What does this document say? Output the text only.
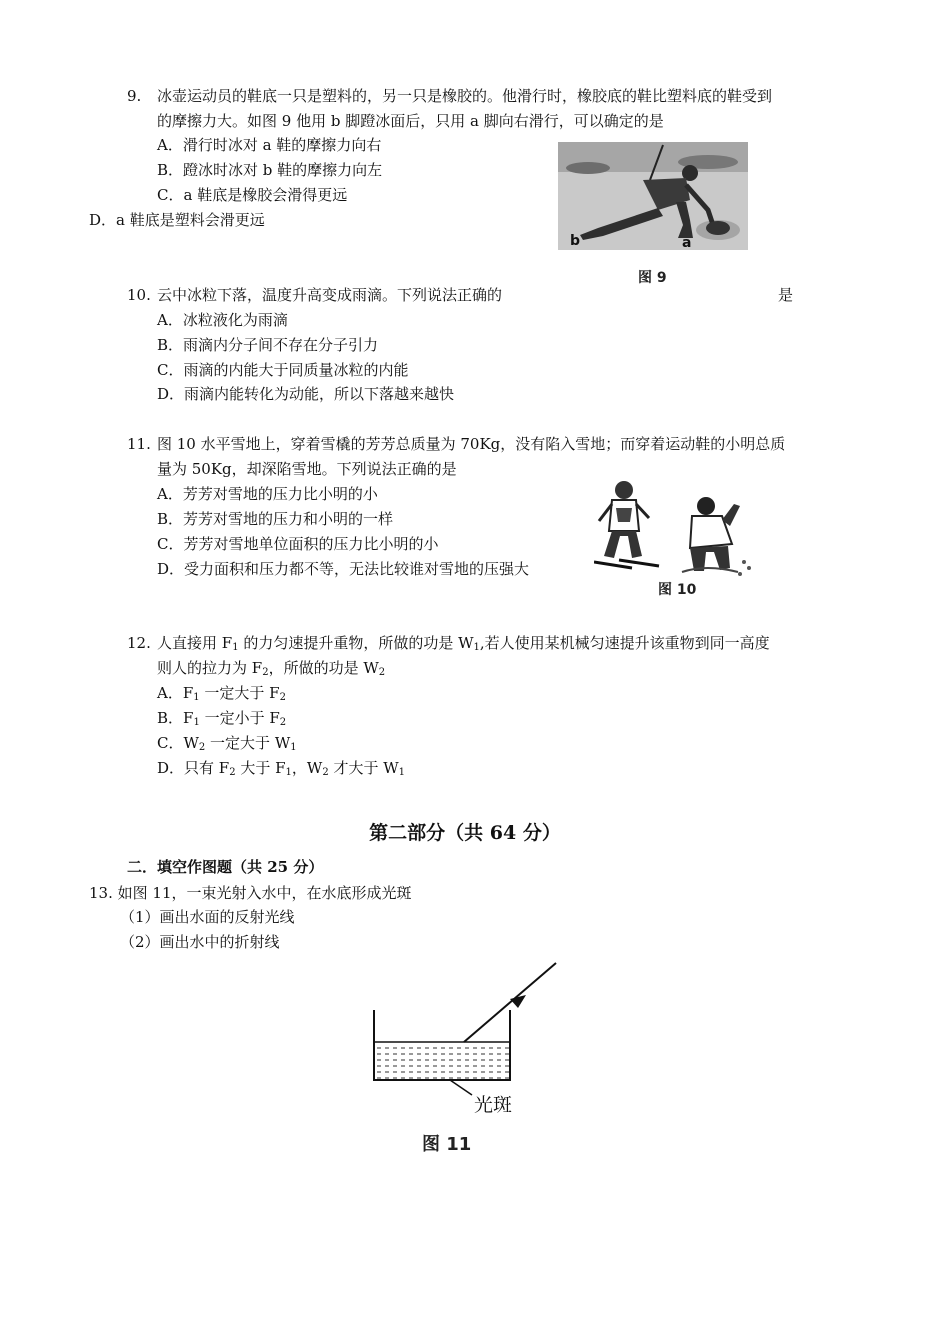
9. 冰壶运动员的鞋底一只是塑料的，另一只是橡胶的。他滑行时，橡胶底的鞋比塑料底的鞋受到
的摩擦力大。如图 9 他用 b 脚蹬冰面后，只用 a 脚向右滑行，可以确定的是
A．滑行时冰对 a 鞋的摩擦力向右
B．蹬冰时冰对 b 鞋的摩擦力向左
C．a 鞋底是橡胶会滑得更远
D．a 鞋底是塑料会滑更远
b	a
图 9
10. 云中冰粒下落，温度升高变成雨滴。下列说法正确的	是
A．冰粒液化为雨滴
B．雨滴内分子间不存在分子引力
C．雨滴的内能大于同质量冰粒的内能
D．雨滴内能转化为动能，所以下落越来越快
11. 图 10 水平雪地上，穿着雪橇的芳芳总质量为 70Kg，没有陷入雪地；而穿着运动鞋的小明总质
量为 50Kg，却深陷雪地。下列说法正确的是
A．芳芳对雪地的压力比小明的小
B．芳芳对雪地的压力和小明的一样
C．芳芳对雪地单位面积的压力比小明的小
D．受力面积和压力都不等，无法比较谁对雪地的压强大
图 10
12. 人直接用 $F_1$ 的力匀速提升重物，所做的功是 $W_1$,若人使用某机械匀速提升该重物到同一高度
则人的拉力为 $F_2$，所做的功是 $W_2$
A．$F_1$ 一定大于 $F_2$
B．$F_1$ 一定小于 $F_2$
C．$W_2$ 一定大于 $W_1$
D．只有 $F_2$ 大于 $F_1$，$W_2$ 才大于 $W_1$
第二部分（共 64 分）
二．填空作图题（共 25 分）
13. 如图 11，一束光射入水中，在水底形成光斑
（1）画出水面的反射光线
（2）画出水中的折射线
光斑
图 11
